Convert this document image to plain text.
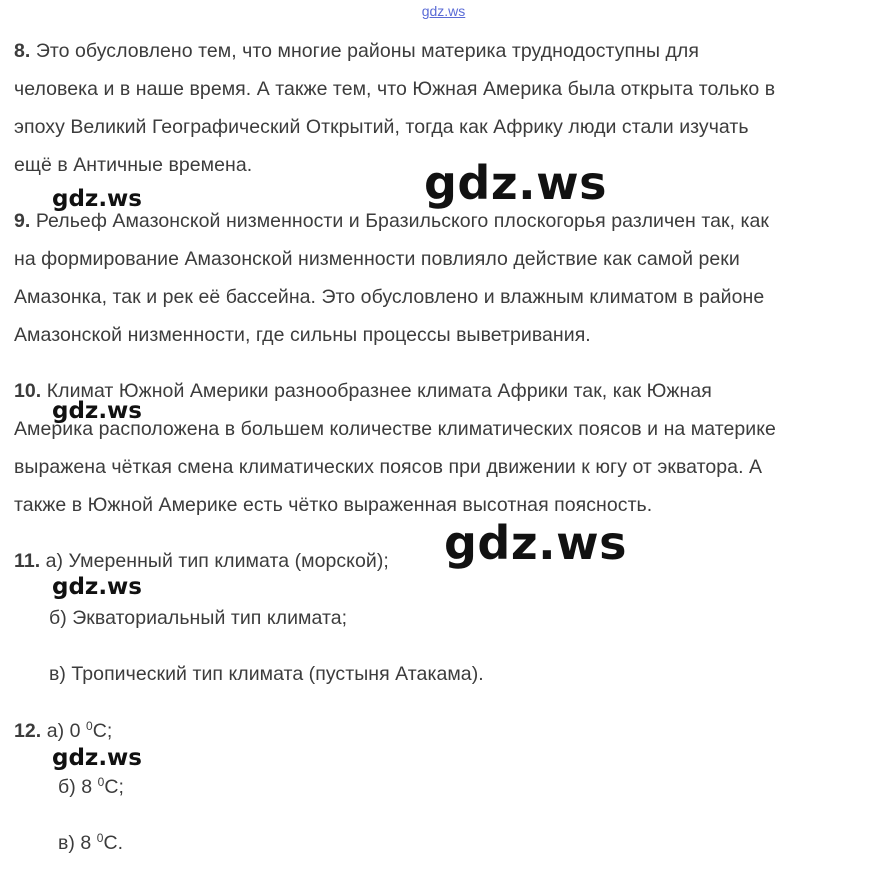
gdz.ws
8. Это обусловлено тем, что многие районы материка труднодоступны для
человека и в наше время. А также тем, что Южная Америка была открыта только в
эпоху Великий Географический Открытий, тогда как Африку люди стали изучать
ещё в Античные времена.
9. Рельеф Амазонской низменности и Бразильского плоскогорья различен так, как
на формирование Амазонской низменности повлияло действие как самой реки
Амазонка, так и рек её бассейна. Это обусловлено и влажным климатом в районе
Амазонской низменности, где сильны процессы выветривания.
10. Климат Южной Америки разнообразнее климата Африки так, как Южная
Америка расположена в большем количестве климатических поясов и на материке
выражена чёткая смена климатических поясов при движении к югу от экватора. А
также в Южной Америке есть чётко выраженная высотная поясность.
11. а) Умеренный тип климата (морской);
б) Экваториальный тип климата;
в) Тропический тип климата (пустыня Атакама).
12. а) 0 $^0$C;
б) 8 $^0$C;
в) 8 $^0$C.
gdz.ws
gdz.ws
gdz.ws
gdz.ws
gdz.ws
gdz.ws
